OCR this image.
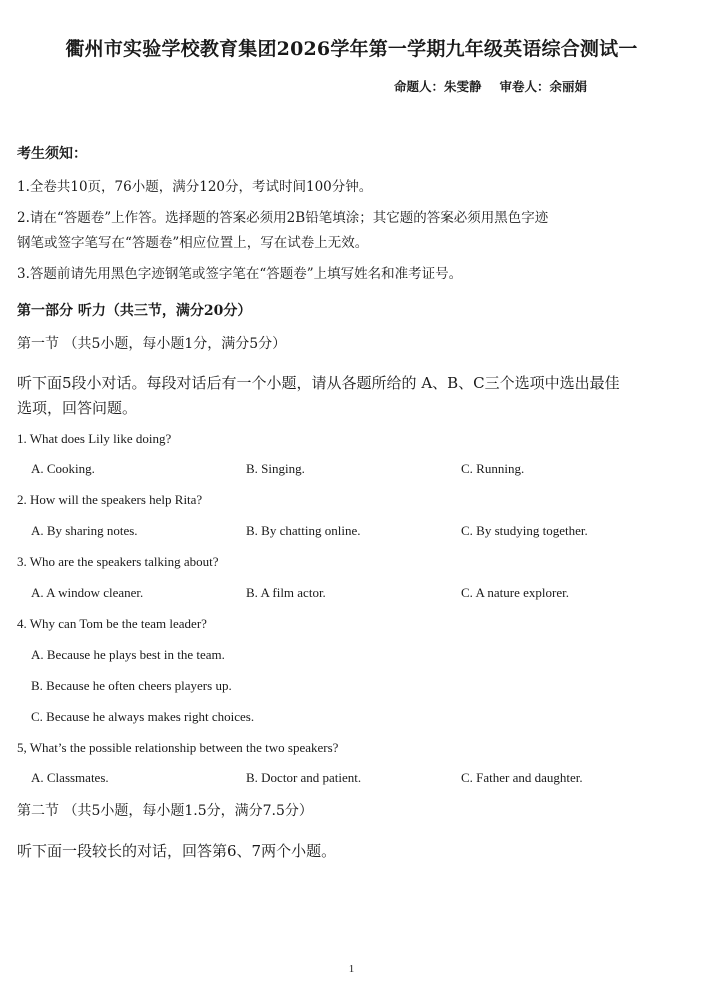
衢州市实验学校教育集团2026学年第一学期九年级英语综合测试一
命题人：朱雯静 审卷人：余丽娟
考生须知：
1.全卷共10页，76小题，满分120分，考试时间100分钟。
2.请在“答题卷”上作答。选择题的答案必须用2B铅笔填涂；其它题的答案必须用黑色字迹
钢笔或签字笔写在“答题卷”相应位置上，写在试卷上无效。
3.答题前请先用黑色字迹钢笔或签字笔在“答题卷”上填写姓名和准考证号。
第一部分 听力（共三节，满分20分）
第一节 （共5小题，每小题1分，满分5分）
听下面5段小对话。每段对话后有一个小题，请从各题所给的 A、B、C三个选项中选出最佳
选项，回答问题。
1. What does Lily like doing?
A. Cooking.	B. Singing.	C. Running.
2. How will the speakers help Rita?
A. By sharing notes.	B. By chatting online.	C. By studying together.
3. Who are the speakers talking about?
A. A window cleaner.	B. A film actor.	C. A nature explorer.
4. Why can Tom be the team leader?
A. Because he plays best in the team.
B. Because he often cheers players up.
C. Because he always makes right choices.
5, What’s the possible relationship between the two speakers?
A. Classmates.	B. Doctor and patient.	C. Father and daughter.
第二节 （共5小题，每小题1.5分，满分7.5分）
听下面一段较长的对话，回答第6、7两个小题。
1
